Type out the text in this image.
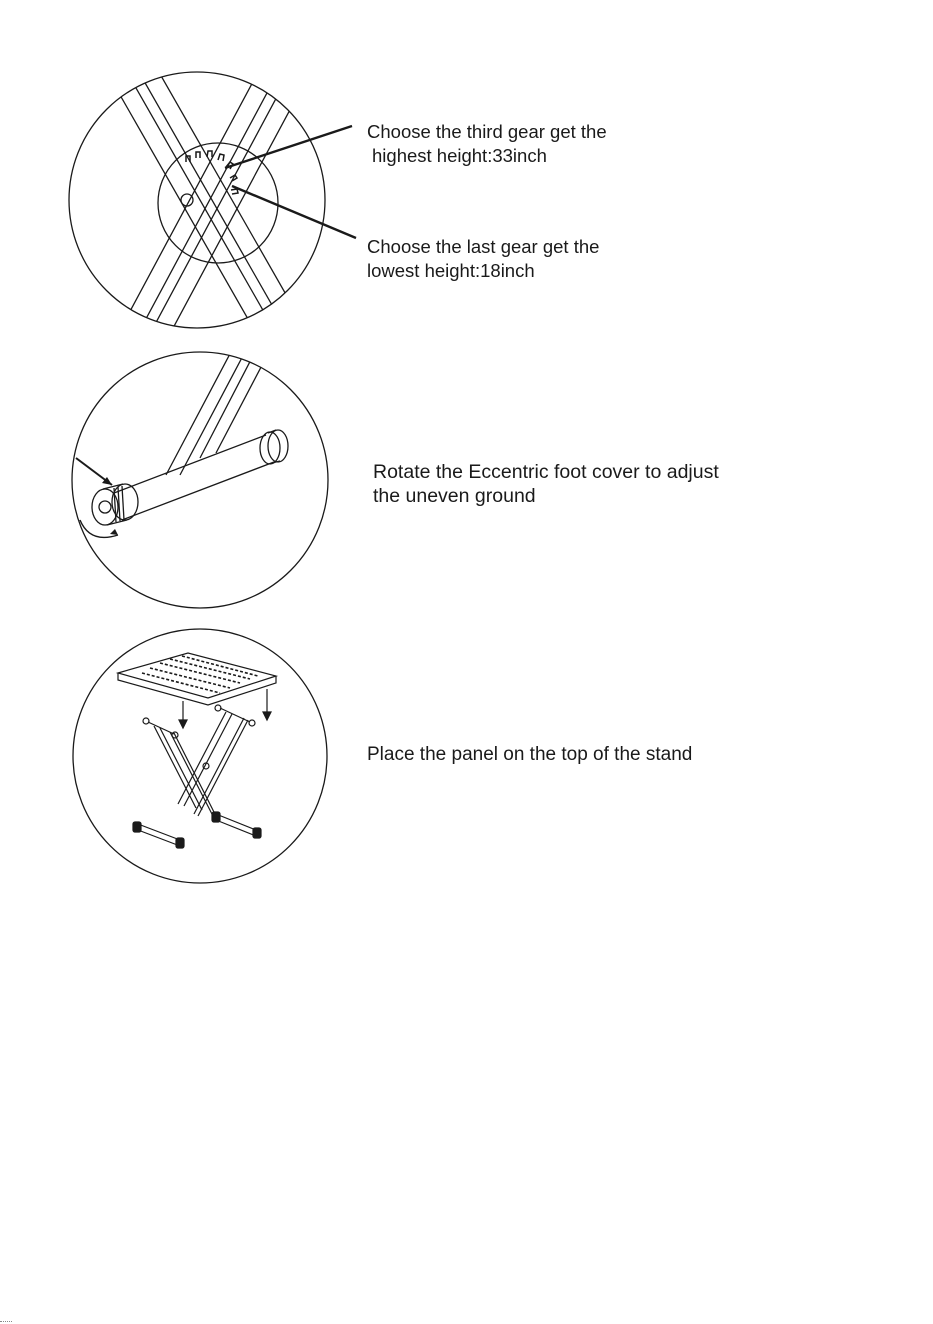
Choose the third gear get the
highest height:33inch
Choose the last gear get the
lowest height:18inch
Rotate the Eccentric foot cover to adjust
the uneven ground
Place the panel on the top of the stand
